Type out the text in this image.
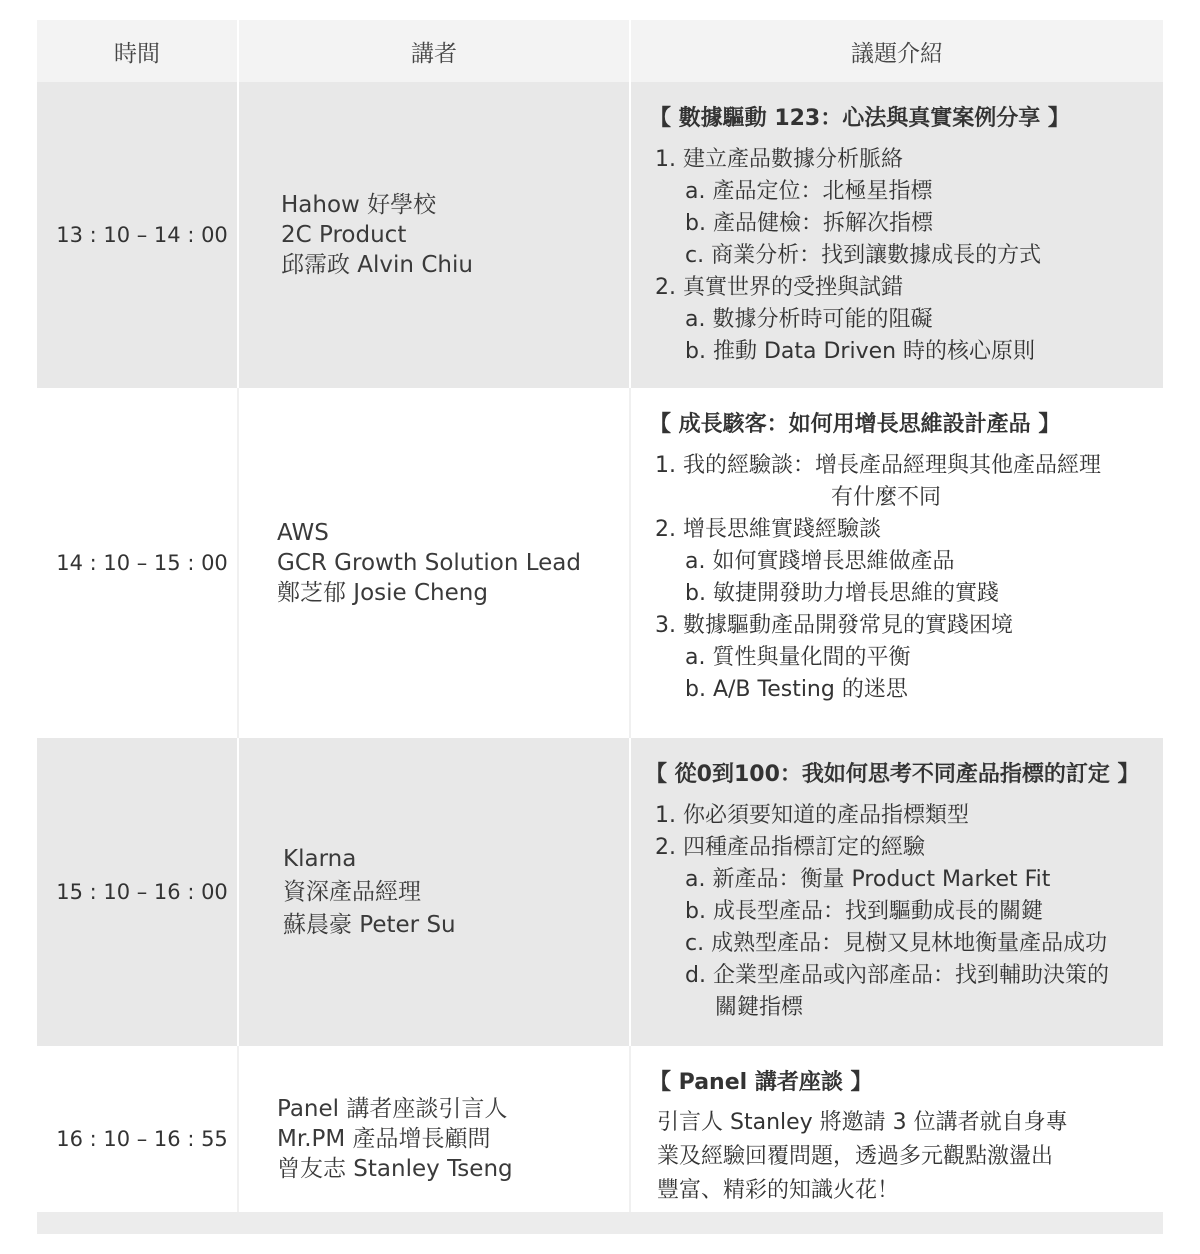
時間	講者	議題介紹
13 : 10 – 14 : 00
Hahow 好學校
2C Product
邱霈政 Alvin Chiu
【 數據驅動 123：心法與真實案例分享 】
1. 建立產品數據分析脈絡
a. 產品定位：北極星指標
b. 產品健檢：拆解次指標
c. 商業分析：找到讓數據成長的方式
2. 真實世界的受挫與試錯
a. 數據分析時可能的阻礙
b. 推動 Data Driven 時的核心原則
14 : 10 – 15 : 00
AWS
GCR Growth Solution Lead
鄭芝郁 Josie Cheng
【 成長駭客：如何用增長思維設計產品 】
1. 我的經驗談：增長產品經理與其他產品經理
有什麼不同
2. 增長思維實踐經驗談
a. 如何實踐增長思維做產品
b. 敏捷開發助力增長思維的實踐
3. 數據驅動產品開發常見的實踐困境
a. 質性與量化間的平衡
b. A/B Testing 的迷思
15 : 10 – 16 : 00
Klarna
資深產品經理
蘇晨豪 Peter Su
【 從0到100：我如何思考不同產品指標的訂定 】
1. 你必須要知道的產品指標類型
2. 四種產品指標訂定的經驗
a. 新產品：衡量 Product Market Fit
b. 成長型產品：找到驅動成長的關鍵
c. 成熟型產品：見樹又見林地衡量產品成功
d. 企業型產品或內部產品：找到輔助決策的
關鍵指標
16 : 10 – 16 : 55
Panel 講者座談引言人
Mr.PM 產品增長顧問
曾友志 Stanley Tseng
【 Panel 講者座談 】
引言人 Stanley 將邀請 3 位講者就自身專
業及經驗回覆問題，透過多元觀點激盪出
豐富、精彩的知識火花！
